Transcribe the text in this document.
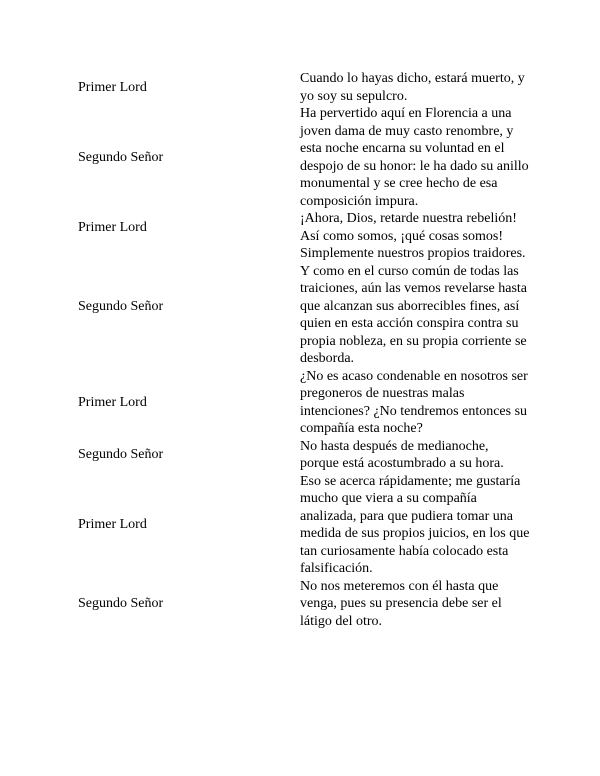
Primer Lord
Cuando lo hayas dicho, estará muerto, y yo soy su sepulcro.
Segundo Señor
Ha pervertido aquí en Florencia a una joven dama de muy casto renombre, y esta noche encarna su voluntad en el despojo de su honor: le ha dado su anillo monumental y se cree hecho de esa composición impura.
Primer Lord
¡Ahora, Dios, retarde nuestra rebelión! Así como somos, ¡qué cosas somos!
Segundo Señor
Simplemente nuestros propios traidores. Y como en el curso común de todas las traiciones, aún las vemos revelarse hasta que alcanzan sus aborrecibles fines, así quien en esta acción conspira contra su propia nobleza, en su propia corriente se desborda.
Primer Lord
¿No es acaso condenable en nosotros ser pregoneros de nuestras malas intenciones? ¿No tendremos entonces su compañía esta noche?
Segundo Señor
No hasta después de medianoche, porque está acostumbrado a su hora.
Primer Lord
Eso se acerca rápidamente; me gustaría mucho que viera a su compañía analizada, para que pudiera tomar una medida de sus propios juicios, en los que tan curiosamente había colocado esta falsificación.
Segundo Señor
No nos meteremos con él hasta que venga, pues su presencia debe ser el látigo del otro.
